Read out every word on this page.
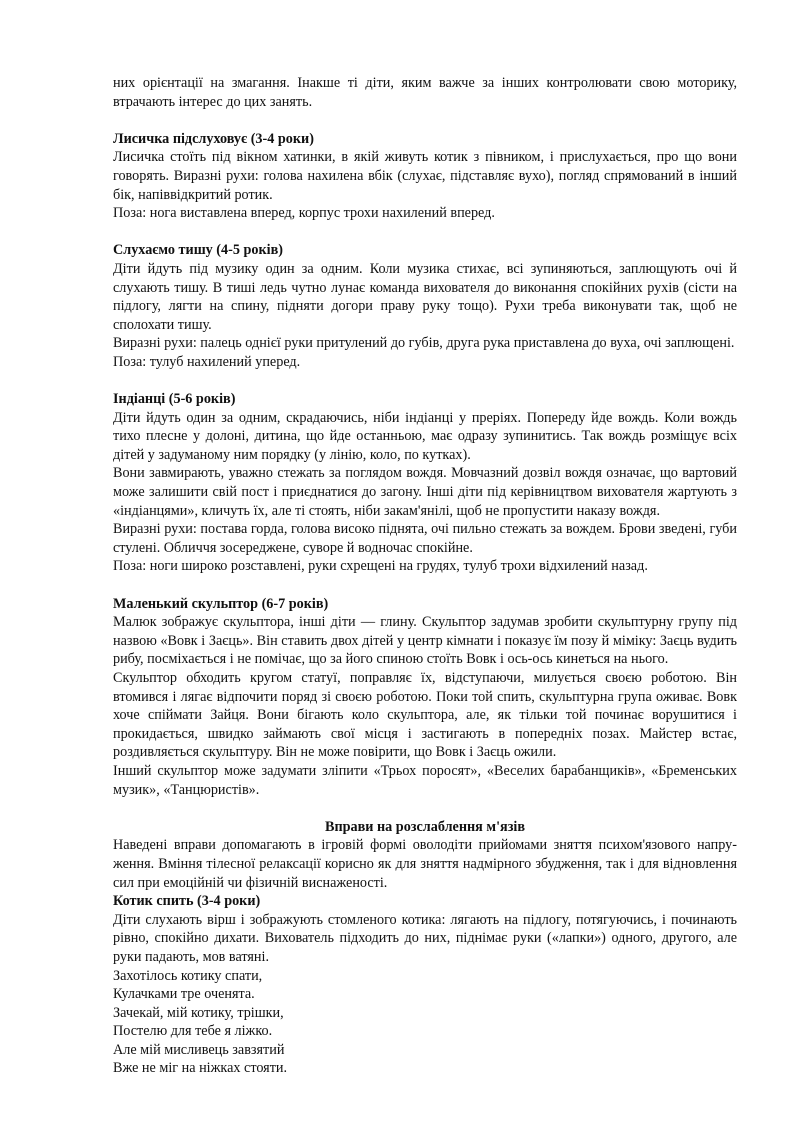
них орієнтації на змагання. Інакше ті діти, яким важче за інших контролювати свою моторику, втрачають інтерес до цих занять.

Лисичка підслуховує (3-4 роки)

Лисичка стоїть під вікном хатинки, в якій живуть котик з півником, і прислухається, про що вони говорять. Виразні рухи: голова нахилена вбік (слухає, підставляє вухо), погляд спрямований в інший бік, напіввідкритий ротик.

Поза: нога виставлена вперед, корпус трохи нахилений вперед.

Слухаємо тишу (4-5 років)

Діти йдуть під музику один за одним. Коли музика стихає, всі зупиняються, заплющують очі й слухають тишу. В тиші ледь чутно лунає команда вихователя до виконання спокійних рухів (сісти на підлогу, лягти на спину, підняти догори праву руку тощо). Рухи треба виконувати так, щоб не сполохати тишу.

Виразні рухи: палець однієї руки притулений до губів, друга рука приставлена до вуха, очі заплющені.

Поза: тулуб нахилений уперед.

Індіанці (5-6 років)

Діти йдуть один за одним, скрадаючись, ніби індіанці у преріях. Попереду йде вождь. Коли вождь тихо плесне у долоні, дитина, що йде останньою, має одразу зупинитись. Так вождь розміщує всіх дітей у задуманому ним порядку (у лінію, коло, по кутках).

Вони завмирають, уважно стежать за поглядом вождя. Мовчазний дозвіл вождя означає, що вартовий може залишити свій пост і приєднатися до загону. Інші діти під керівництвом вихователя жартують з «індіанцями», кличуть їх, але ті стоять, ніби закам'янілі, щоб не пропустити наказу вождя.

Виразні рухи: постава горда, голова високо піднята, очі пильно стежать за вождем. Брови зведені, губи стулені. Обличчя зосереджене, суворе й водночас спокійне.

Поза: ноги широко розставлені, руки схрещені на грудях, тулуб трохи відхилений назад.

Маленький скульптор (6-7 років)

Малюк зображує скульптора, інші діти — глину. Скульптор задумав зробити скульптурну групу під назвою «Вовк і Заєць». Він ставить двох дітей у центр кімнати і показує їм позу й міміку: Заєць вудить рибу, посміхається і не помічає, що за його спиною стоїть Вовк і ось-ось кинеться на нього.

Скульптор обходить кругом статуї, поправляє їх, відступаючи, милується своєю роботою. Він втомився і лягає відпочити поряд зі своєю роботою. Поки той спить, скульптурна група оживає. Вовк хоче спіймати Зайця. Вони бігають коло скульптора, але, як тільки той починає ворушитися і прокидається, швидко займають свої місця і застигають в попередніх позах. Майстер встає, роздивляється скульптуру. Він не може повірити, що Вовк і Заєць ожили.

Інший скульптор може задумати зліпити «Трьох поросят», «Веселих барабанщиків», «Бременських музик», «Танцюристів».

Вправи на розслаблення м'язів

Наведені вправи допомагають в ігровій формі оволодіти прийомами зняття психом'язового напру-ження. Вміння тілесної релаксації корисно як для зняття надмірного збудження, так і для відновлення сил при емоційній чи фізичній виснаженості.

Котик спить (3-4 роки)

Діти слухають вірш і зображують стомленого котика: лягають на підлогу, потягуючись, і починають рівно, спокійно дихати. Вихователь підходить до них, піднімає руки («лапки») одного, другого, але руки падають, мов ватяні.

Захотілось котику спати,

Кулачками тре оченята.

Зачекай, мій котику, трішки,

Постелю для тебе я ліжко.

Але мій мисливець завзятий

Вже не міг на ніжках стояти.
